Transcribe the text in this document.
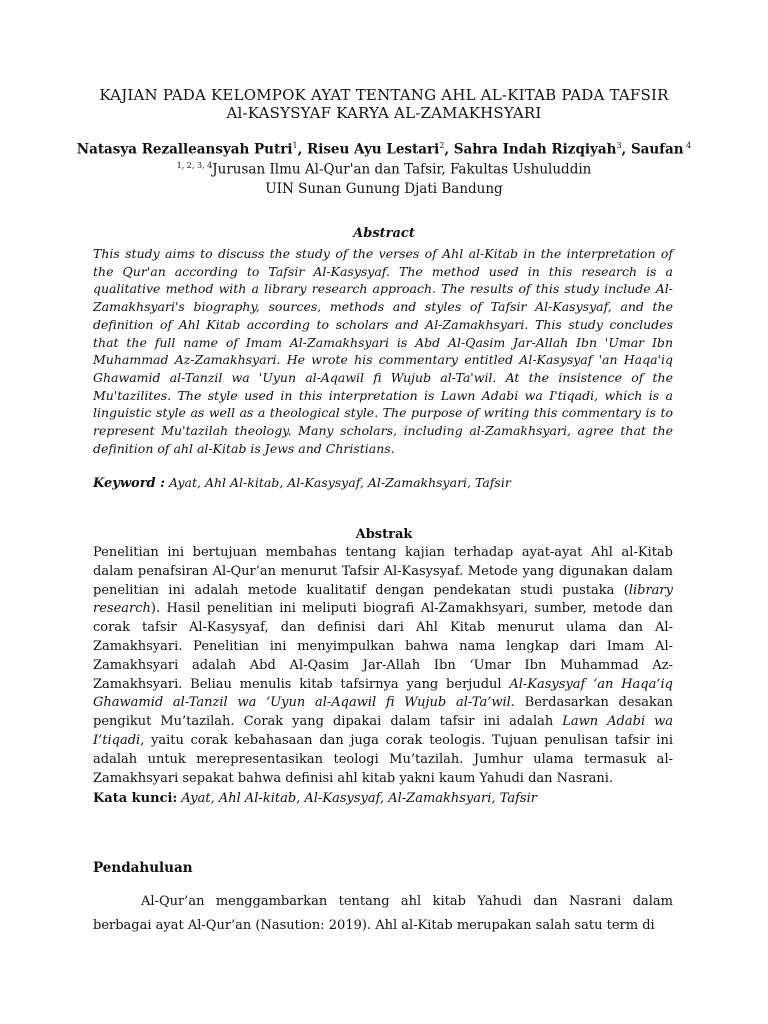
KAJIAN PADA KELOMPOK AYAT TENTANG AHL AL-KITAB PADA TAFSIR
Al-KASYSYAF KARYA AL-ZAMAKHSYARI
Natasya Rezalleansyah Putri$^1$, Riseu Ayu Lestari$^2$, Sahra Indah Rizqiyah$^3$, Saufan $^4$
$^{1, 2, 3, 4}$Jurusan Ilmu Al-Qur'an dan Tafsir, Fakultas Ushuluddin
UIN Sunan Gunung Djati Bandung
Abstract

This study aims to discuss the study of the verses of Ahl al-Kitab in the interpretation of the Qur'an according to Tafsir Al-Kasysyaf. The method used in this research is a qualitative method with a library research approach. The results of this study include Al-Zamakhsyari's biography, sources, methods and styles of Tafsir Al-Kasysyaf, and the definition of Ahl Kitab according to scholars and Al-Zamakhsyari. This study concludes that the full name of Imam Al-Zamakhsyari is Abd Al-Qasim Jar-Allah Ibn 'Umar Ibn Muhammad Az-Zamakhsyari. He wrote his commentary entitled Al-Kasysyaf 'an Haqa'iq Ghawamid al-Tanzil wa 'Uyun al-Aqawil fi Wujub al-Ta'wil. At the insistence of the Mu'tazilites. The style used in this interpretation is Lawn Adabi wa I'tiqadi, which is a linguistic style as well as a theological style. The purpose of writing this commentary is to represent Mu'tazilah theology. Many scholars, including al-Zamakhsyari, agree that the definition of ahl al-Kitab is Jews and Christians.

Keyword : Ayat, Ahl Al-kitab, Al-Kasysyaf, Al-Zamakhsyari, Tafsir
Abstrak

Penelitian ini bertujuan membahas tentang kajian terhadap ayat-ayat Ahl al-Kitab dalam penafsiran Al-Qur’an menurut Tafsir Al-Kasysyaf. Metode yang digunakan dalam penelitian ini adalah metode kualitatif dengan pendekatan studi pustaka (library research). Hasil penelitian ini meliputi biografi Al-Zamakhsyari, sumber, metode dan corak tafsir Al-Kasysyaf, dan definisi dari Ahl Kitab menurut ulama dan Al-Zamakhsyari. Penelitian ini menyimpulkan bahwa nama lengkap dari Imam Al-Zamakhsyari adalah Abd Al-Qasim Jar-Allah Ibn ‘Umar Ibn Muhammad Az-Zamakhsyari. Beliau menulis kitab tafsirnya yang berjudul Al-Kasysyaf ‘an Haqa’iq Ghawamid al-Tanzil wa ‘Uyun al-Aqawil fi Wujub al-Ta’wil. Berdasarkan desakan pengikut Mu’tazilah. Corak yang dipakai dalam tafsir ini adalah Lawn Adabi wa I’tiqadi, yaitu corak kebahasaan dan juga corak teologis. Tujuan penulisan tafsir ini adalah untuk merepresentasikan teologi Mu’tazilah. Jumhur ulama termasuk al-Zamakhsyari sepakat bahwa definisi ahl kitab yakni kaum Yahudi dan Nasrani.

Kata kunci: Ayat, Ahl Al-kitab, Al-Kasysyaf, Al-Zamakhsyari, Tafsir
Pendahuluan

Al-Qur’an menggambarkan tentang ahl kitab Yahudi dan Nasrani dalam berbagai ayat Al-Qur’an (Nasution: 2019). Ahl al-Kitab merupakan salah satu term di
